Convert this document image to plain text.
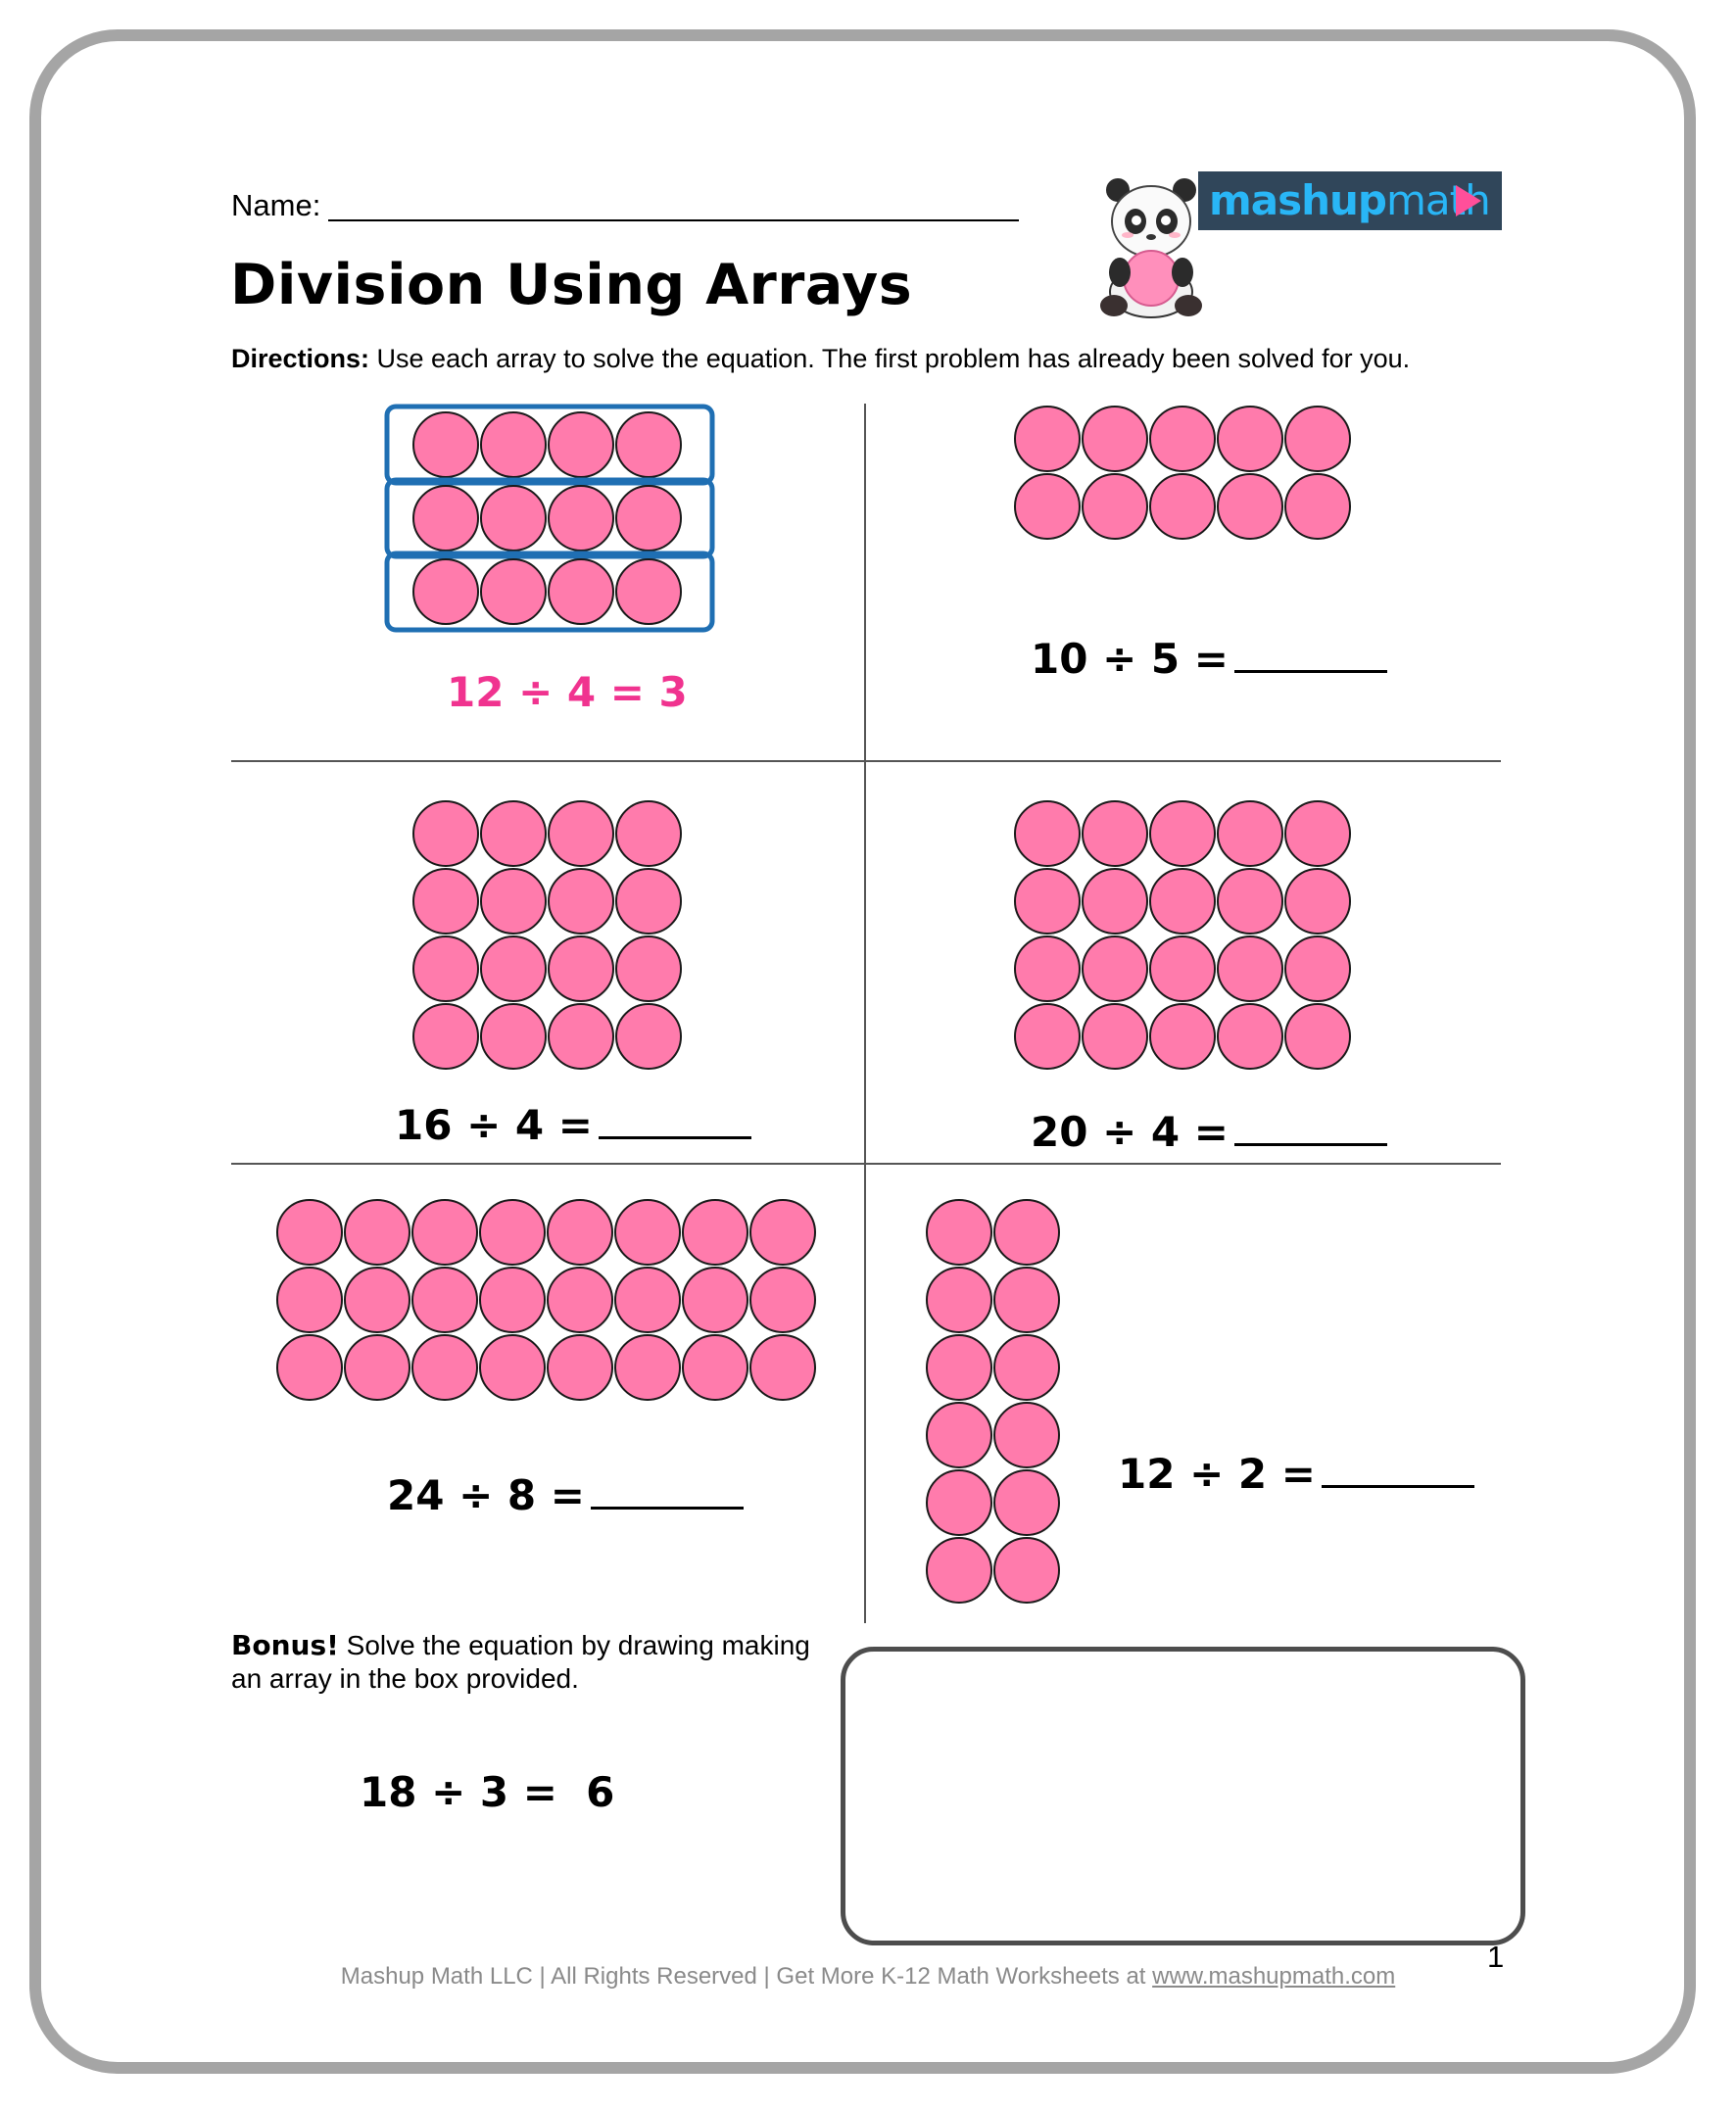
Name:
Division Using Arrays
Directions: Use each array to solve the equation. The first problem has already been solved for you.
mashupmath
12 ÷ 4 = 3
10 ÷ 5 =
16 ÷ 4 =	20 ÷ 4 =
24 ÷ 8 =	12 ÷ 2 =
Bonus! Solve the equation by drawing making
an array in the box provided.
18 ÷ 3 =  6
1
Mashup Math LLC | All Rights Reserved | Get More K-12 Math Worksheets at www.mashupmath.com
